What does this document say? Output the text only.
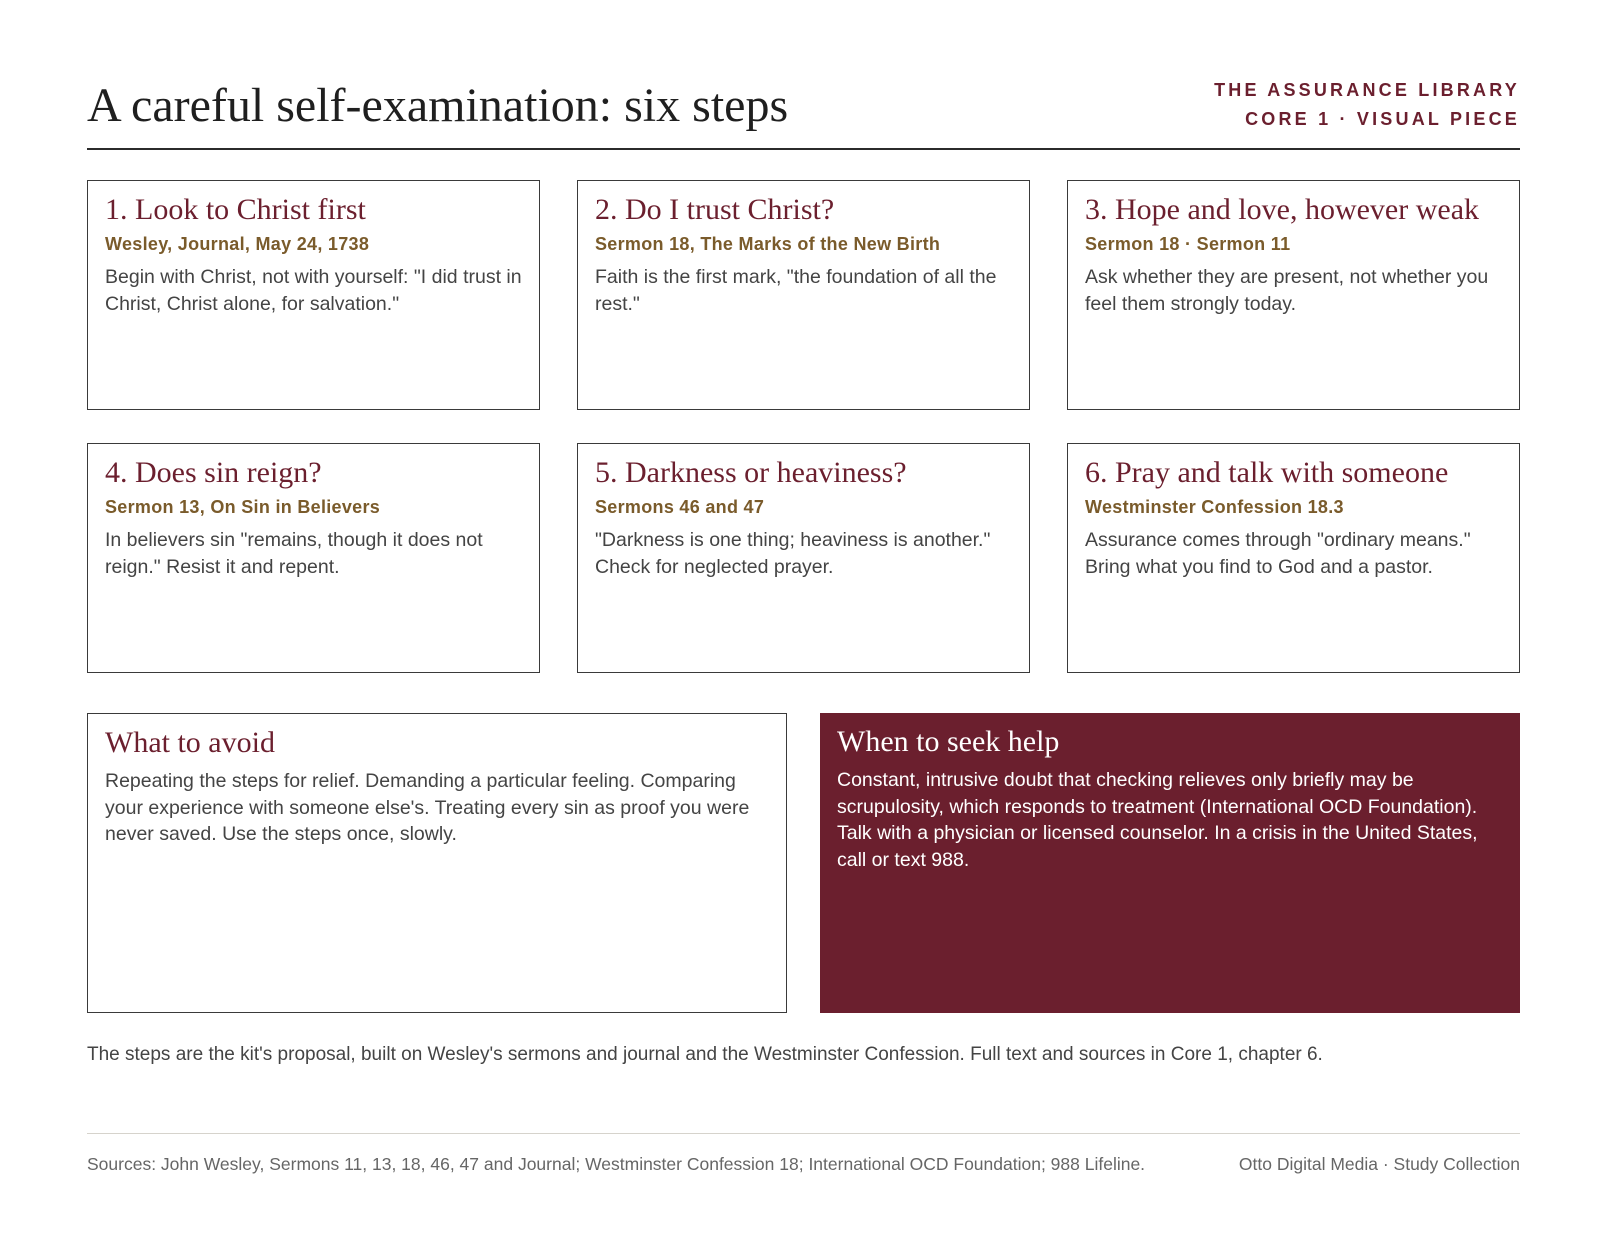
A careful self-examination: six steps	THE ASSURANCE LIBRARY
CORE 1 · VISUAL PIECE
1. Look to Christ first
Wesley, Journal, May 24, 1738

Begin with Christ, not with yourself: "I did trust in Christ, Christ alone, for salvation."

2. Do I trust Christ?
Sermon 18, The Marks of the New Birth

Faith is the first mark, "the foundation of all the rest."

3. Hope and love, however weak
Sermon 18 · Sermon 11

Ask whether they are present, not whether you feel them strongly today.

4. Does sin reign?
Sermon 13, On Sin in Believers

In believers sin "remains, though it does not reign." Resist it and repent.

5. Darkness or heaviness?
Sermons 46 and 47

"Darkness is one thing; heaviness is another." Check for neglected prayer.

6. Pray and talk with someone
Westminster Confession 18.3

Assurance comes through "ordinary means." Bring what you find to God and a pastor.

What to avoid

Repeating the steps for relief. Demanding a particular feeling. Comparing your experience with someone else's. Treating every sin as proof you were never saved. Use the steps once, slowly.

When to seek help

Constant, intrusive doubt that checking relieves only briefly may be scrupulosity, which responds to treatment (International OCD Foundation). Talk with a physician or licensed counselor. In a crisis in the United States, call or text 988.

The steps are the kit's proposal, built on Wesley's sermons and journal and the Westminster Confession. Full text and sources in Core 1, chapter 6.
Sources: John Wesley, Sermons 11, 13, 18, 46, 47 and Journal; Westminster Confession 18; International OCD Foundation; 988 Lifeline.	Otto Digital Media · Study Collection
